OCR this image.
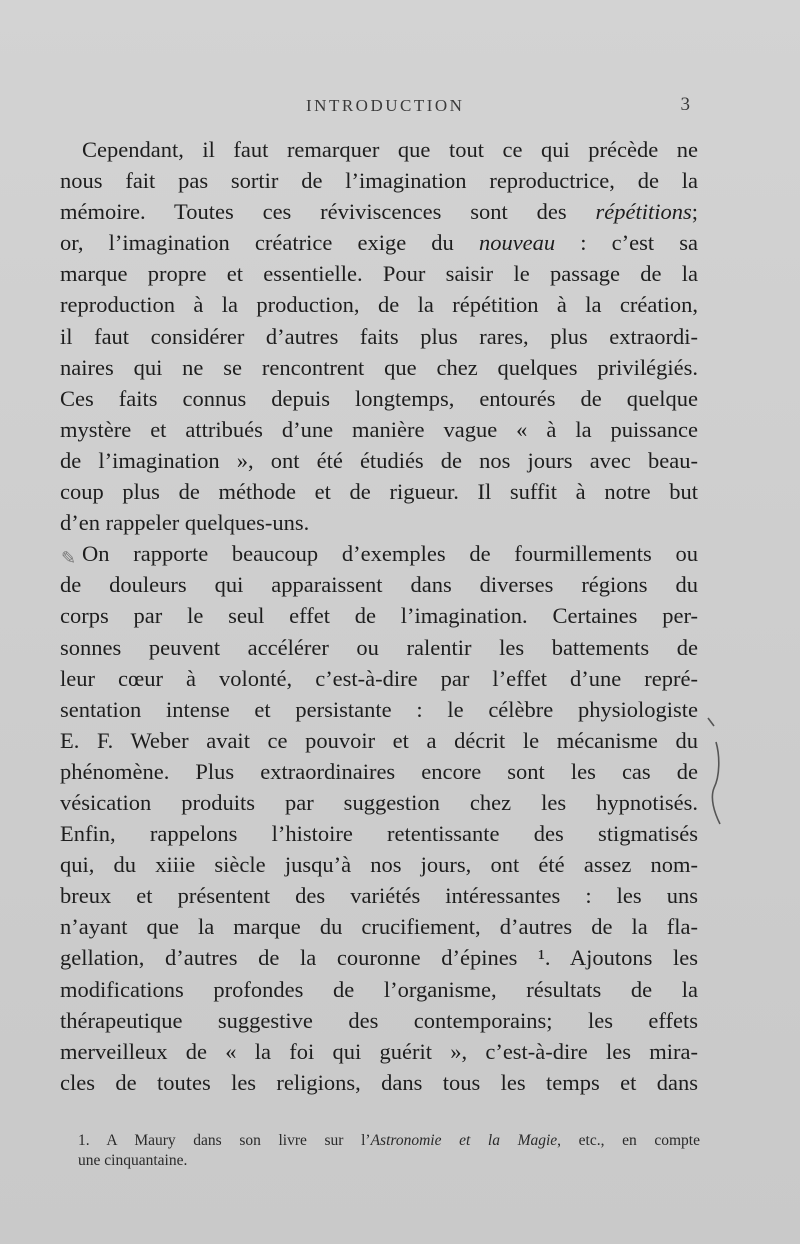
INTRODUCTION	3
✎
Cependant, il faut remarquer que tout ce qui précède ne
nous fait pas sortir de l’imagination reproductrice, de la
mémoire. Toutes ces réviviscences sont des répétitions;
or, l’imagination créatrice exige du nouveau : c’est sa
marque propre et essentielle. Pour saisir le passage de la
reproduction à la production, de la répétition à la création,
il faut considérer d’autres faits plus rares, plus extraordi-
naires qui ne se rencontrent que chez quelques privilégiés.
Ces faits connus depuis longtemps, entourés de quelque
mystère et attribués d’une manière vague « à la puissance
de l’imagination », ont été étudiés de nos jours avec beau-
coup plus de méthode et de rigueur. Il suffit à notre but
d’en rappeler quelques-uns.
On rapporte beaucoup d’exemples de fourmillements ou
de douleurs qui apparaissent dans diverses régions du
corps par le seul effet de l’imagination. Certaines per-
sonnes peuvent accélérer ou ralentir les battements de
leur cœur à volonté, c’est-à-dire par l’effet d’une repré-
sentation intense et persistante : le célèbre physiologiste
E. F. Weber avait ce pouvoir et a décrit le mécanisme du
phénomène. Plus extraordinaires encore sont les cas de
vésication produits par suggestion chez les hypnotisés.
Enfin, rappelons l’histoire retentissante des stigmatisés
qui, du xiiie siècle jusqu’à nos jours, ont été assez nom-
breux et présentent des variétés intéressantes : les uns
n’ayant que la marque du crucifiement, d’autres de la fla-
gellation, d’autres de la couronne d’épines ¹. Ajoutons les
modifications profondes de l’organisme, résultats de la
thérapeutique suggestive des contemporains; les effets
merveilleux de « la foi qui guérit », c’est-à-dire les mira-
cles de toutes les religions, dans tous les temps et dans
1. A Maury dans son livre sur l’Astronomie et la Magie, etc., en compte
une cinquantaine.
